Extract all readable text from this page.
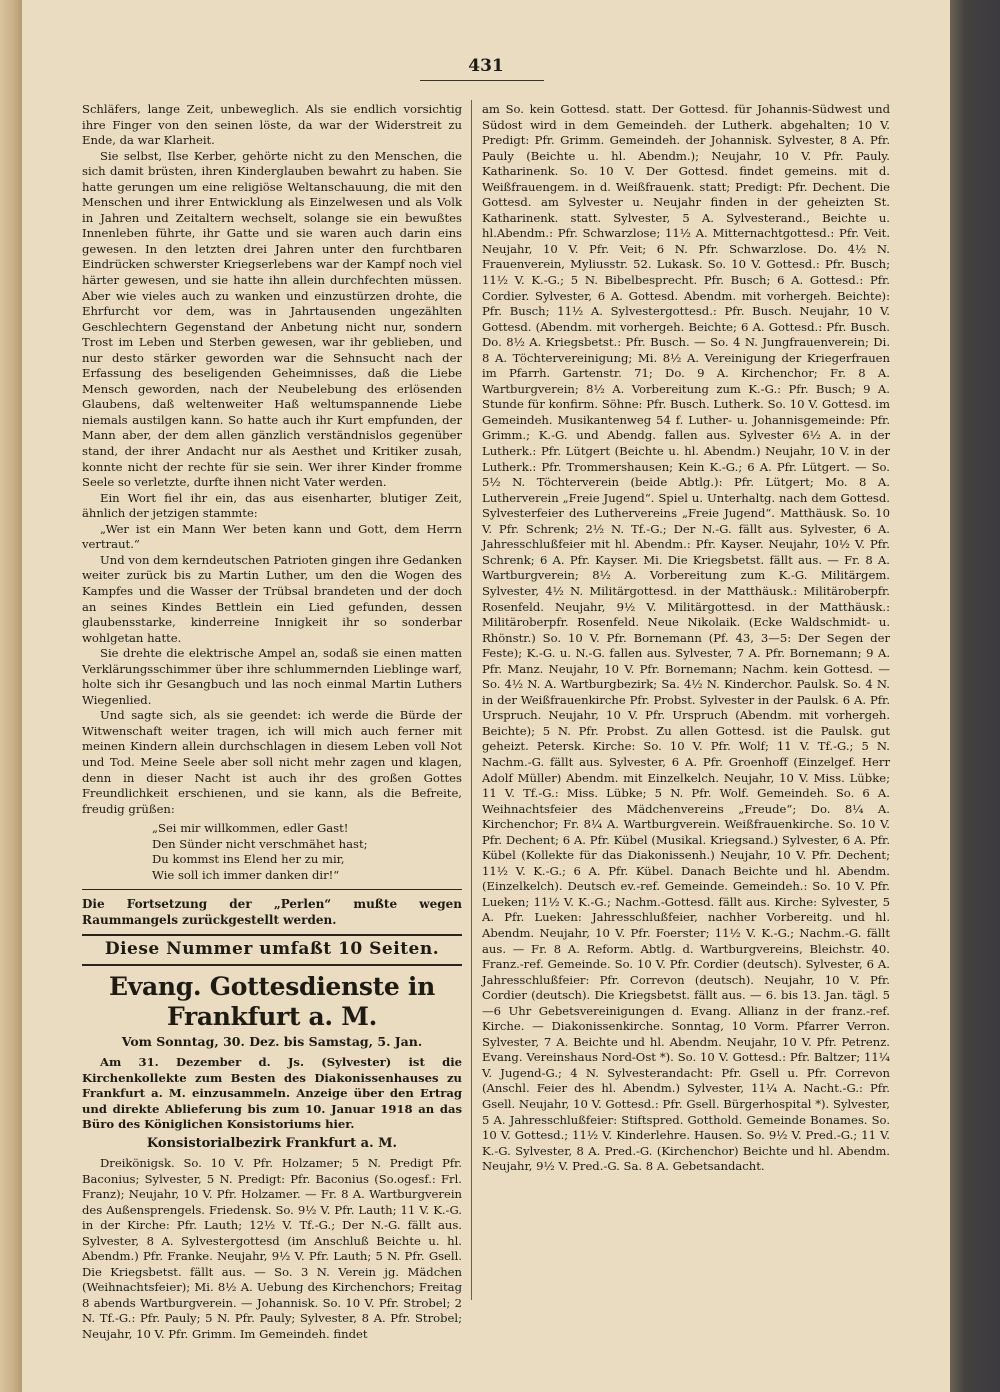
431

Schläfers, lange Zeit, unbeweglich. Als sie endlich vorsichtig ihre Finger von den seinen löste, da war der Widerstreit zu Ende, da war Klarheit.

Sie selbst, Ilse Kerber, gehörte nicht zu den Menschen, die sich damit brüsten, ihren Kinderglauben bewahrt zu haben. Sie hatte gerungen um eine religiöse Weltanschauung, die mit den Menschen und ihrer Entwicklung als Einzelwesen und als Volk in Jahren und Zeitaltern wechselt, solange sie ein bewußtes Innenleben führte, ihr Gatte und sie waren auch darin eins gewesen. In den letzten drei Jahren unter den furchtbaren Eindrücken schwerster Kriegserlebens war der Kampf noch viel härter gewesen, und sie hatte ihn allein durchfechten müssen. Aber wie vieles auch zu wanken und einzustürzen drohte, die Ehrfurcht vor dem, was in Jahrtausenden ungezählten Geschlechtern Gegenstand der Anbetung nicht nur, sondern Trost im Leben und Sterben gewesen, war ihr geblieben, und nur desto stärker geworden war die Sehnsucht nach der Erfassung des beseligenden Geheimnisses, daß die Liebe Mensch geworden, nach der Neubelebung des erlösenden Glaubens, daß weltenweiter Haß weltumspannende Liebe niemals austilgen kann. So hatte auch ihr Kurt empfunden, der Mann aber, der dem allen gänzlich verständnislos gegenüber stand, der ihrer Andacht nur als Aesthet und Kritiker zusah, konnte nicht der rechte für sie sein. Wer ihrer Kinder fromme Seele so verletzte, durfte ihnen nicht Vater werden.

Ein Wort fiel ihr ein, das aus eisenharter, blutiger Zeit, ähnlich der jetzigen stammte:

„Wer ist ein Mann Wer beten kann und Gott, dem Herrn vertraut.“

Und von dem kerndeutschen Patrioten gingen ihre Gedanken weiter zurück bis zu Martin Luther, um den die Wogen des Kampfes und die Wasser der Trübsal brandeten und der doch an seines Kindes Bettlein ein Lied gefunden, dessen glaubensstarke, kinderreine Innigkeit ihr so sonderbar wohlgetan hatte.

Sie drehte die elektrische Ampel an, sodaß sie einen matten Verklärungsschimmer über ihre schlummernden Lieblinge warf, holte sich ihr Gesangbuch und las noch einmal Martin Luthers Wiegenlied.

Und sagte sich, als sie geendet: ich werde die Bürde der Witwenschaft weiter tragen, ich will mich auch ferner mit meinen Kindern allein durchschlagen in diesem Leben voll Not und Tod. Meine Seele aber soll nicht mehr zagen und klagen, denn in dieser Nacht ist auch ihr des großen Gottes Freundlichkeit erschienen, und sie kann, als die Befreite, freudig grüßen:

„Sei mir willkommen, edler Gast!
Den Sünder nicht verschmähet hast;
Du kommst ins Elend her zu mir,
Wie soll ich immer danken dir!“
Die Fortsetzung der „Perlen“ mußte wegen Raummangels zurückgestellt werden.
Diese Nummer umfaßt 10 Seiten.
Evang. Gottesdienste in Frankfurt a. M.
Vom Sonntag, 30. Dez. bis Samstag, 5. Jan.

Am 31. Dezember d. Js. (Sylvester) ist die Kirchenkollekte zum Besten des Diakonissenhauses zu Frankfurt a. M. einzusammeln. Anzeige über den Ertrag und direkte Ablieferung bis zum 10. Januar 1918 an das Büro des Königlichen Konsistoriums hier.

Konsistorialbezirk Frankfurt a. M.

Dreikönigsk. So. 10 V. Pfr. Holzamer; 5 N. Predigt Pfr. Baconius; Sylvester, 5 N. Predigt: Pfr. Baconius (So.ogesf.: Frl. Franz); Neujahr, 10 V. Pfr. Holzamer. — Fr. 8 A. Wartburgverein des Außensprengels. Friedensk. So. 9½ V. Pfr. Lauth; 11 V. K.-G. in der Kirche: Pfr. Lauth; 12½ V. Tf.-G.; Der N.-G. fällt aus. Sylvester, 8 A. Sylvestergottesd (im Anschluß Beichte u. hl. Abendm.) Pfr. Franke. Neujahr, 9½ V. Pfr. Lauth; 5 N. Pfr. Gsell. Die Kriegsbetst. fällt aus. — So. 3 N. Verein jg. Mädchen (Weihnachtsfeier); Mi. 8½ A. Uebung des Kirchenchors; Freitag 8 abends Wartburgverein. — Johannisk. So. 10 V. Pfr. Strobel; 2 N. Tf.-G.: Pfr. Pauly; 5 N. Pfr. Pauly; Sylvester, 8 A. Pfr. Strobel; Neujahr, 10 V. Pfr. Grimm. Im Gemeindeh. findet

am So. kein Gottesd. statt. Der Gottesd. für Johannis-Südwest und Südost wird in dem Gemeindeh. der Lutherk. abgehalten; 10 V. Predigt: Pfr. Grimm. Gemeindeh. der Johannisk. Sylvester, 8 A. Pfr. Pauly (Beichte u. hl. Abendm.); Neujahr, 10 V. Pfr. Pauly. Katharinenk. So. 10 V. Der Gottesd. findet gemeins. mit d. Weißfrauengem. in d. Weißfrauenk. statt; Predigt: Pfr. Dechent. Die Gottesd. am Sylvester u. Neujahr finden in der geheizten St. Katharinenk. statt. Sylvester, 5 A. Sylvesterand., Beichte u. hl.Abendm.: Pfr. Schwarzlose; 11½ A. Mitternachtgottesd.: Pfr. Veit. Neujahr, 10 V. Pfr. Veit; 6 N. Pfr. Schwarzlose. Do. 4½ N. Frauenverein, Myliusstr. 52. Lukask. So. 10 V. Gottesd.: Pfr. Busch; 11½ V. K.-G.; 5 N. Bibelbesprecht. Pfr. Busch; 6 A. Gottesd.: Pfr. Cordier. Sylvester, 6 A. Gottesd. Abendm. mit vorhergeh. Beichte): Pfr. Busch; 11½ A. Sylvestergottesd.: Pfr. Busch. Neujahr, 10 V. Gottesd. (Abendm. mit vorhergeh. Beichte; 6 A. Gottesd.: Pfr. Busch. Do. 8½ A. Kriegsbetst.: Pfr. Busch. — So. 4 N. Jungfrauenverein; Di. 8 A. Töchtervereinigung; Mi. 8½ A. Vereinigung der Kriegerfrauen im Pfarrh. Gartenstr. 71; Do. 9 A. Kirchenchor; Fr. 8 A. Wartburgverein; 8½ A. Vorbereitung zum K.-G.: Pfr. Busch; 9 A. Stunde für konfirm. Söhne: Pfr. Busch. Lutherk. So. 10 V. Gottesd. im Gemeindeh. Musikantenweg 54 f. Luther- u. Johannisgemeinde: Pfr. Grimm.; K.-G. und Abendg. fallen aus. Sylvester 6½ A. in der Lutherk.: Pfr. Lütgert (Beichte u. hl. Abendm.) Neujahr, 10 V. in der Lutherk.: Pfr. Trommershausen; Kein K.-G.; 6 A. Pfr. Lütgert. — So. 5½ N. Töchterverein (beide Abtlg.): Pfr. Lütgert; Mo. 8 A. Lutherverein „Freie Jugend“. Spiel u. Unterhaltg. nach dem Gottesd. Sylvesterfeier des Luthervereins „Freie Jugend“. Matthäusk. So. 10 V. Pfr. Schrenk; 2½ N. Tf.-G.; Der N.-G. fällt aus. Sylvester, 6 A. Jahresschlußfeier mit hl. Abendm.: Pfr. Kayser. Neujahr, 10½ V. Pfr. Schrenk; 6 A. Pfr. Kayser. Mi. Die Kriegsbetst. fällt aus. — Fr. 8 A. Wartburgverein; 8½ A. Vorbereitung zum K.-G. Militärgem. Sylvester, 4½ N. Militärgottesd. in der Matthäusk.: Militäroberpfr. Rosenfeld. Neujahr, 9½ V. Militärgottesd. in der Matthäusk.: Militäroberpfr. Rosenfeld. Neue Nikolaik. (Ecke Waldschmidt- u. Rhönstr.) So. 10 V. Pfr. Bornemann (Pf. 43, 3—5: Der Segen der Feste); K.-G. u. N.-G. fallen aus. Sylvester, 7 A. Pfr. Bornemann; 9 A. Pfr. Manz. Neujahr, 10 V. Pfr. Bornemann; Nachm. kein Gottesd. — So. 4½ N. A. Wartburgbezirk; Sa. 4½ N. Kinderchor. Paulsk. So. 4 N. in der Weißfrauenkirche Pfr. Probst. Sylvester in der Paulsk. 6 A. Pfr. Urspruch. Neujahr, 10 V. Pfr. Urspruch (Abendm. mit vorhergeh. Beichte); 5 N. Pfr. Probst. Zu allen Gottesd. ist die Paulsk. gut geheizt. Petersk. Kirche: So. 10 V. Pfr. Wolf; 11 V. Tf.-G.; 5 N. Nachm.-G. fällt aus. Sylvester, 6 A. Pfr. Groenhoff (Einzelgef. Herr Adolf Müller) Abendm. mit Einzelkelch. Neujahr, 10 V. Miss. Lübke; 11 V. Tf.-G.: Miss. Lübke; 5 N. Pfr. Wolf. Gemeindeh. So. 6 A. Weihnachtsfeier des Mädchenvereins „Freude“; Do. 8¼ A. Kirchenchor; Fr. 8¼ A. Wartburgverein. Weißfrauenkirche. So. 10 V. Pfr. Dechent; 6 A. Pfr. Kübel (Musikal. Kriegsand.) Sylvester, 6 A. Pfr. Kübel (Kollekte für das Diakonissenh.) Neujahr, 10 V. Pfr. Dechent; 11½ V. K.-G.; 6 A. Pfr. Kübel. Danach Beichte und hl. Abendm. (Einzelkelch). Deutsch ev.-ref. Gemeinde. Gemeindeh.: So. 10 V. Pfr. Lueken; 11½ V. K.-G.; Nachm.-Gottesd. fällt aus. Kirche: Sylvester, 5 A. Pfr. Lueken: Jahresschlußfeier, nachher Vorbereitg. und hl. Abendm. Neujahr, 10 V. Pfr. Foerster; 11½ V. K.-G.; Nachm.-G. fällt aus. — Fr. 8 A. Reform. Abtlg. d. Wartburgvereins, Bleichstr. 40. Franz.-ref. Gemeinde. So. 10 V. Pfr. Cordier (deutsch). Sylvester, 6 A. Jahresschlußfeier: Pfr. Correvon (deutsch). Neujahr, 10 V. Pfr. Cordier (deutsch). Die Kriegsbetst. fällt aus. — 6. bis 13. Jan. tägl. 5—6 Uhr Gebetsvereinigungen d. Evang. Allianz in der franz.-ref. Kirche. — Diakonissenkirche. Sonntag, 10 Vorm. Pfarrer Verron. Sylvester, 7 A. Beichte und hl. Abendm. Neujahr, 10 V. Pfr. Petrenz. Evang. Vereinshaus Nord-Ost *). So. 10 V. Gottesd.: Pfr. Baltzer; 11¼ V. Jugend-G.; 4 N. Sylvesterandacht: Pfr. Gsell u. Pfr. Correvon (Anschl. Feier des hl. Abendm.) Sylvester, 11¼ A. Nacht.-G.: Pfr. Gsell. Neujahr, 10 V. Gottesd.: Pfr. Gsell. Bürgerhospital *). Sylvester, 5 A. Jahresschlußfeier: Stiftspred. Gotthold. Gemeinde Bonames. So. 10 V. Gottesd.; 11½ V. Kinderlehre. Hausen. So. 9½ V. Pred.-G.; 11 V. K.-G. Sylvester, 8 A. Pred.-G. (Kirchenchor) Beichte und hl. Abendm. Neujahr, 9½ V. Pred.-G. Sa. 8 A. Gebetsandacht.
